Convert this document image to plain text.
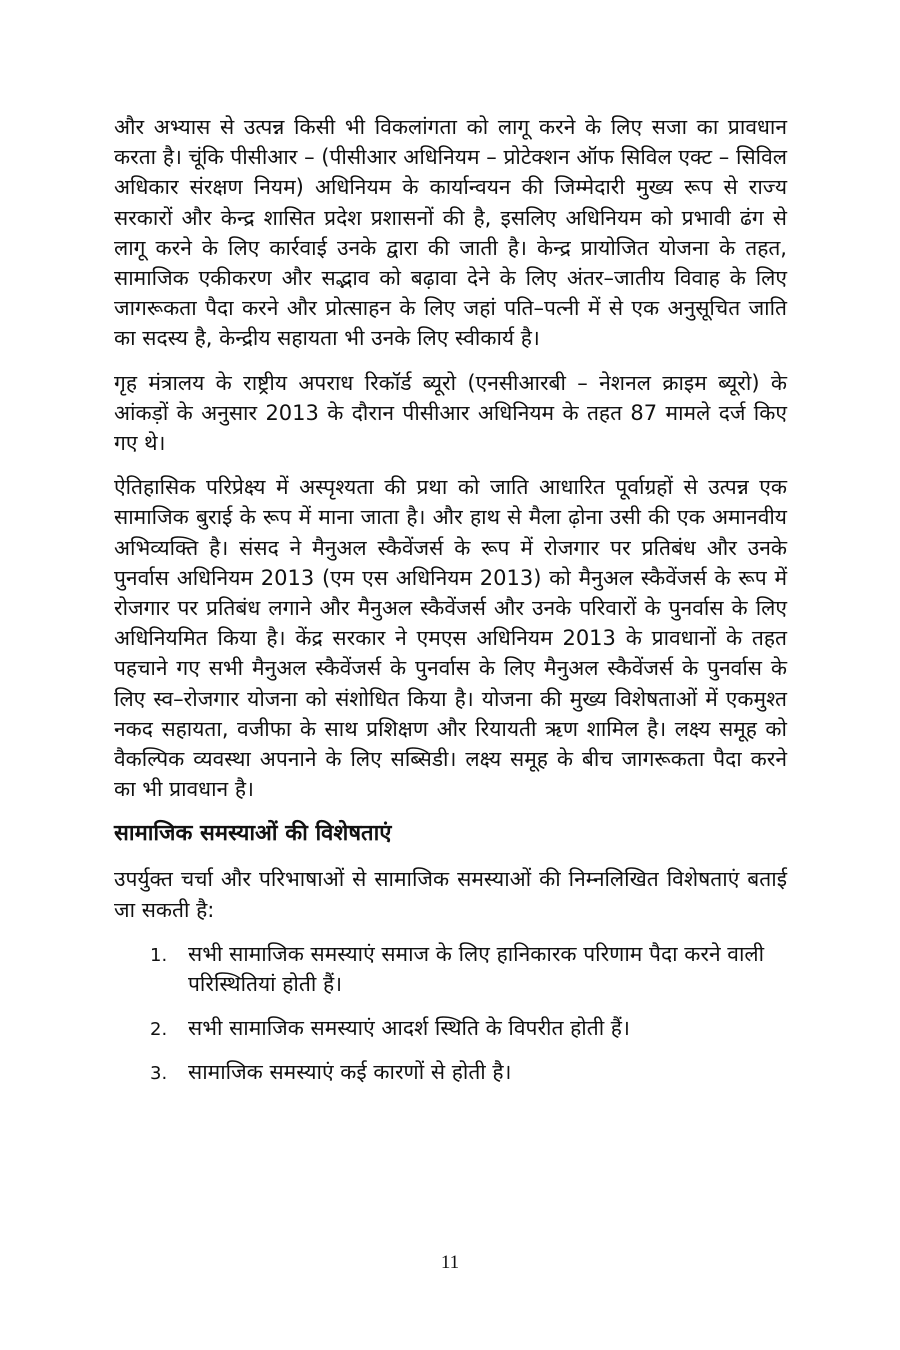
और अभ्यास से उत्पन्न किसी भी विकलांगता को लागू करने के लिए सजा का प्रावधान करता है। चूंकि पीसीआर – (पीसीआर अधिनियम – प्रोटेक्शन ऑफ सिविल एक्ट – सिविल अधिकार संरक्षण नियम) अधिनियम के कार्यान्वयन की जिम्मेदारी मुख्य रूप से राज्य सरकारों और केन्द्र शासित प्रदेश प्रशासनों की है, इसलिए अधिनियम को प्रभावी ढंग से लागू करने के लिए कार्रवाई उनके द्वारा की जाती है। केन्द्र प्रायोजित योजना के तहत, सामाजिक एकीकरण और सद्भाव को बढ़ावा देने के लिए अंतर–जातीय विवाह के लिए जागरूकता पैदा करने और प्रोत्साहन के लिए जहां पति–पत्नी में से एक अनुसूचित जाति का सदस्य है, केन्द्रीय सहायता भी उनके लिए स्वीकार्य है।

गृह मंत्रालय के राष्ट्रीय अपराध रिकॉर्ड ब्यूरो (एनसीआरबी – नेशनल क्राइम ब्यूरो) के आंकड़ों के अनुसार 2013 के दौरान पीसीआर अधिनियम के तहत 87 मामले दर्ज किए गए थे।

ऐतिहासिक परिप्रेक्ष्य में अस्पृश्यता की प्रथा को जाति आधारित पूर्वाग्रहों से उत्पन्न एक सामाजिक बुराई के रूप में माना जाता है। और हाथ से मैला ढ़ोना उसी की एक अमानवीय अभिव्यक्ति है। संसद ने मैनुअल स्कैवेंजर्स के रूप में रोजगार पर प्रतिबंध और उनके पुनर्वास अधिनियम 2013 (एम एस अधिनियम 2013) को मैनुअल स्कैवेंजर्स के रूप में रोजगार पर प्रतिबंध लगाने और मैनुअल स्कैवेंजर्स और उनके परिवारों के पुनर्वास के लिए अधिनियमित किया है। केंद्र सरकार ने एमएस अधिनियम 2013 के प्रावधानों के तहत पहचाने गए सभी मैनुअल स्कैवेंजर्स के पुनर्वास के लिए मैनुअल स्कैवेंजर्स के पुनर्वास के लिए स्व–रोजगार योजना को संशोधित किया है। योजना की मुख्य विशेषताओं में एकमुश्त नकद सहायता, वजीफा के साथ प्रशिक्षण और रियायती ऋण शामिल है। लक्ष्य समूह को वैकल्पिक व्यवस्था अपनाने के लिए सब्सिडी। लक्ष्य समूह के बीच जागरूकता पैदा करने का भी प्रावधान है।

सामाजिक समस्याओं की विशेषताएं

उपर्युक्त चर्चा और परिभाषाओं से सामाजिक समस्याओं की निम्नलिखित विशेषताएं बताई जा सकती है:

1. सभी सामाजिक समस्याएं समाज के लिए हानिकारक परिणाम पैदा करने वाली परिस्थितियां होती हैं।
2. सभी सामाजिक समस्याएं आदर्श स्थिति के विपरीत होती हैं।
3. सामाजिक समस्याएं कई कारणों से होती है।
11
